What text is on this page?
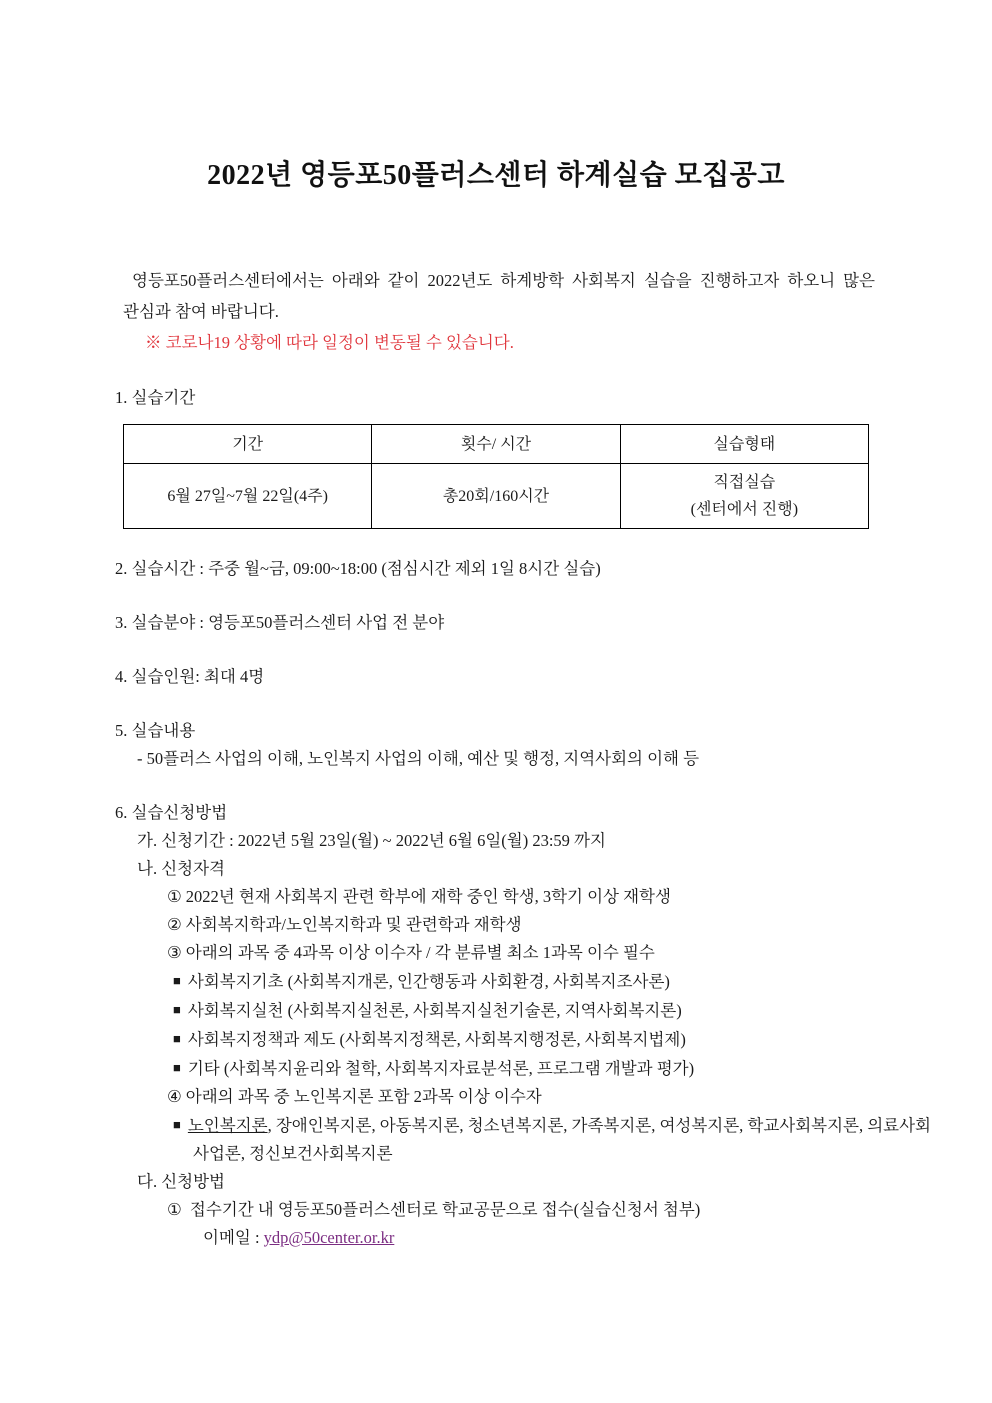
2022년 영등포50플러스센터 하계실습 모집공고

영등포50플러스센터에서는 아래와 같이 2022년도 하계방학 사회복지 실습을 진행하고자 하오니 많은 관심과 참여 바랍니다.

※ 코로나19 상황에 따라 일정이 변동될 수 있습니다.

1. 실습기간

기간	횟수/ 시간	실습형태
6월 27일~7월 22일(4주)	총20회/160시간	직접실습
(센터에서 진행)

2. 실습시간 : 주중 월~금, 09:00~18:00 (점심시간 제외 1일 8시간 실습)

3. 실습분야 : 영등포50플러스센터 사업 전 분야

4. 실습인원: 최대 4명

5. 실습내용

- 50플러스 사업의 이해, 노인복지 사업의 이해, 예산 및 행정, 지역사회의 이해 등

6. 실습신청방법

가. 신청기간 : 2022년 5월 23일(월) ~ 2022년 6월 6일(월) 23:59 까지

나. 신청자격

① 2022년 현재 사회복지 관련 학부에 재학 중인 학생, 3학기 이상 재학생

② 사회복지학과/노인복지학과 및 관련학과 재학생

③ 아래의 과목 중 4과목 이상 이수자 / 각 분류별 최소 1과목 이수 필수

■ 사회복지기초 (사회복지개론, 인간행동과 사회환경, 사회복지조사론)

■ 사회복지실천 (사회복지실천론, 사회복지실천기술론, 지역사회복지론)

■ 사회복지정책과 제도 (사회복지정책론, 사회복지행정론, 사회복지법제)

■ 기타 (사회복지윤리와 철학, 사회복지자료분석론, 프로그램 개발과 평가)

④ 아래의 과목 중 노인복지론 포함 2과목 이상 이수자

■ 노인복지론, 장애인복지론, 아동복지론, 청소년복지론, 가족복지론, 여성복지론, 학교사회복지론, 의료사회사업론, 정신보건사회복지론

다. 신청방법

① 접수기간 내 영등포50플러스센터로 학교공문으로 접수(실습신청서 첨부)

이메일 : ydp@50center.or.kr
